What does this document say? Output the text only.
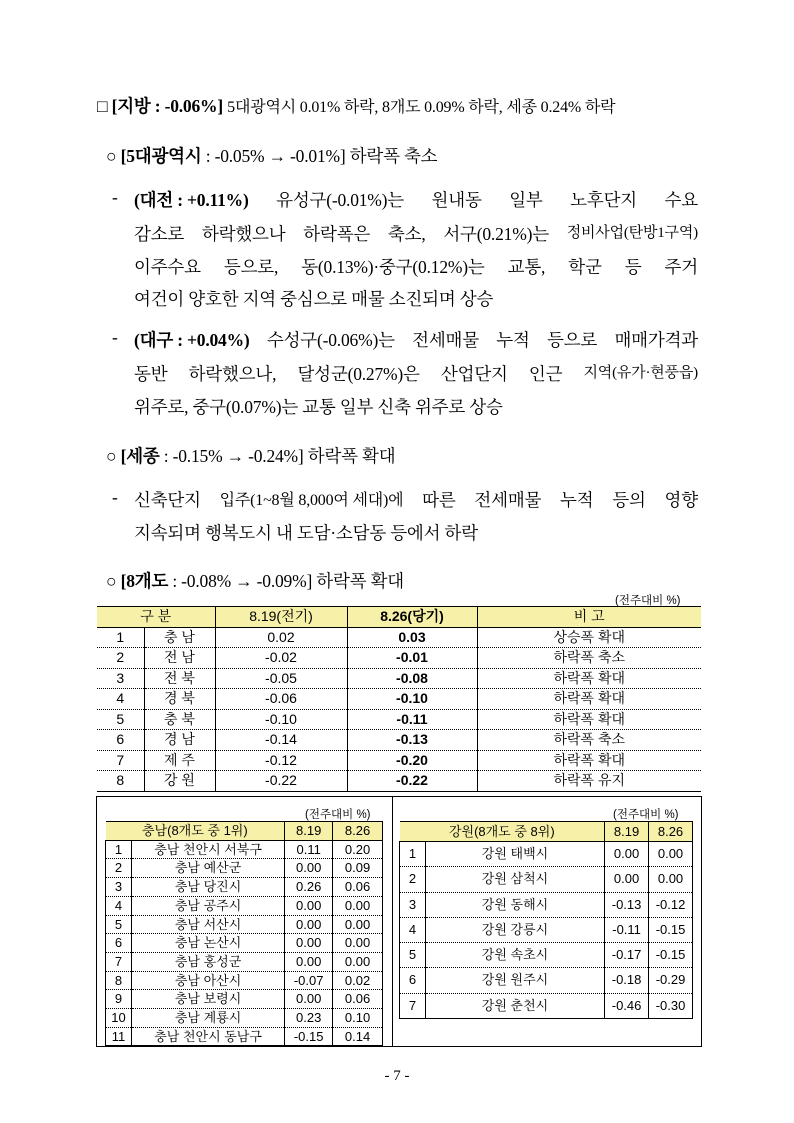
□ [지방 : -0.06%] 5대광역시 0.01% 하락, 8개도 0.09% 하락, 세종 0.24% 하락
○ [5대광역시 : -0.05% → -0.01%] 하락폭 축소
- (대전 : +0.11%) 유성구(-0.01%)는 원내동 일부 노후단지 수요
감소로 하락했으나 하락폭은 축소, 서구(0.21%)는 정비사업(탄방1구역)
이주수요 등으로, 동(0.13%)·중구(0.12%)는 교통, 학군 등 주거
여건이 양호한 지역 중심으로 매물 소진되며 상승
- (대구 : +0.04%) 수성구(-0.06%)는 전세매물 누적 등으로 매매가격과
동반 하락했으나, 달성군(0.27%)은 산업단지 인근 지역(유가·현풍읍)
위주로, 중구(0.07%)는 교통 일부 신축 위주로 상승
○ [세종 : -0.15% → -0.24%] 하락폭 확대
- 신축단지 입주(1~8월 8,000여 세대)에 따른 전세매물 누적 등의 영향
지속되며 행복도시 내 도담·소담동 등에서 하락
○ [8개도 : -0.08% → -0.09%] 하락폭 확대
(전주대비 %)
구 분		8.19(전기)	8.26(당기)	비 고
1	충 남	0.02	0.03	상승폭 확대
2	전 남	-0.02	-0.01	하락폭 축소
3	전 북	-0.05	-0.08	하락폭 확대
4	경 북	-0.06	-0.10	하락폭 확대
5	충 북	-0.10	-0.11	하락폭 확대
6	경 남	-0.14	-0.13	하락폭 축소
7	제 주	-0.12	-0.20	하락폭 확대
8	강 원	-0.22	-0.22	하락폭 유지
(전주대비 %)	(전주대비 %)
충남(8개도 중 1위)		8.19	8.26
1	충남 천안시 서북구	0.11	0.20
2	충남 예산군	0.00	0.09
3	충남 당진시	0.26	0.06
4	충남 공주시	0.00	0.00
5	충남 서산시	0.00	0.00
6	충남 논산시	0.00	0.00
7	충남 홍성군	0.00	0.00
8	충남 아산시	-0.07	0.02
9	충남 보령시	0.00	0.06
10	충남 계룡시	0.23	0.10
11	충남 천안시 동남구	-0.15	0.14
강원(8개도 중 8위)		8.19	8.26
1	강원 태백시	0.00	0.00
2	강원 삼척시	0.00	0.00
3	강원 동해시	-0.13	-0.12
4	강원 강릉시	-0.11	-0.15
5	강원 속초시	-0.17	-0.15
6	강원 원주시	-0.18	-0.29
7	강원 춘천시	-0.46	-0.30
- 7 -
